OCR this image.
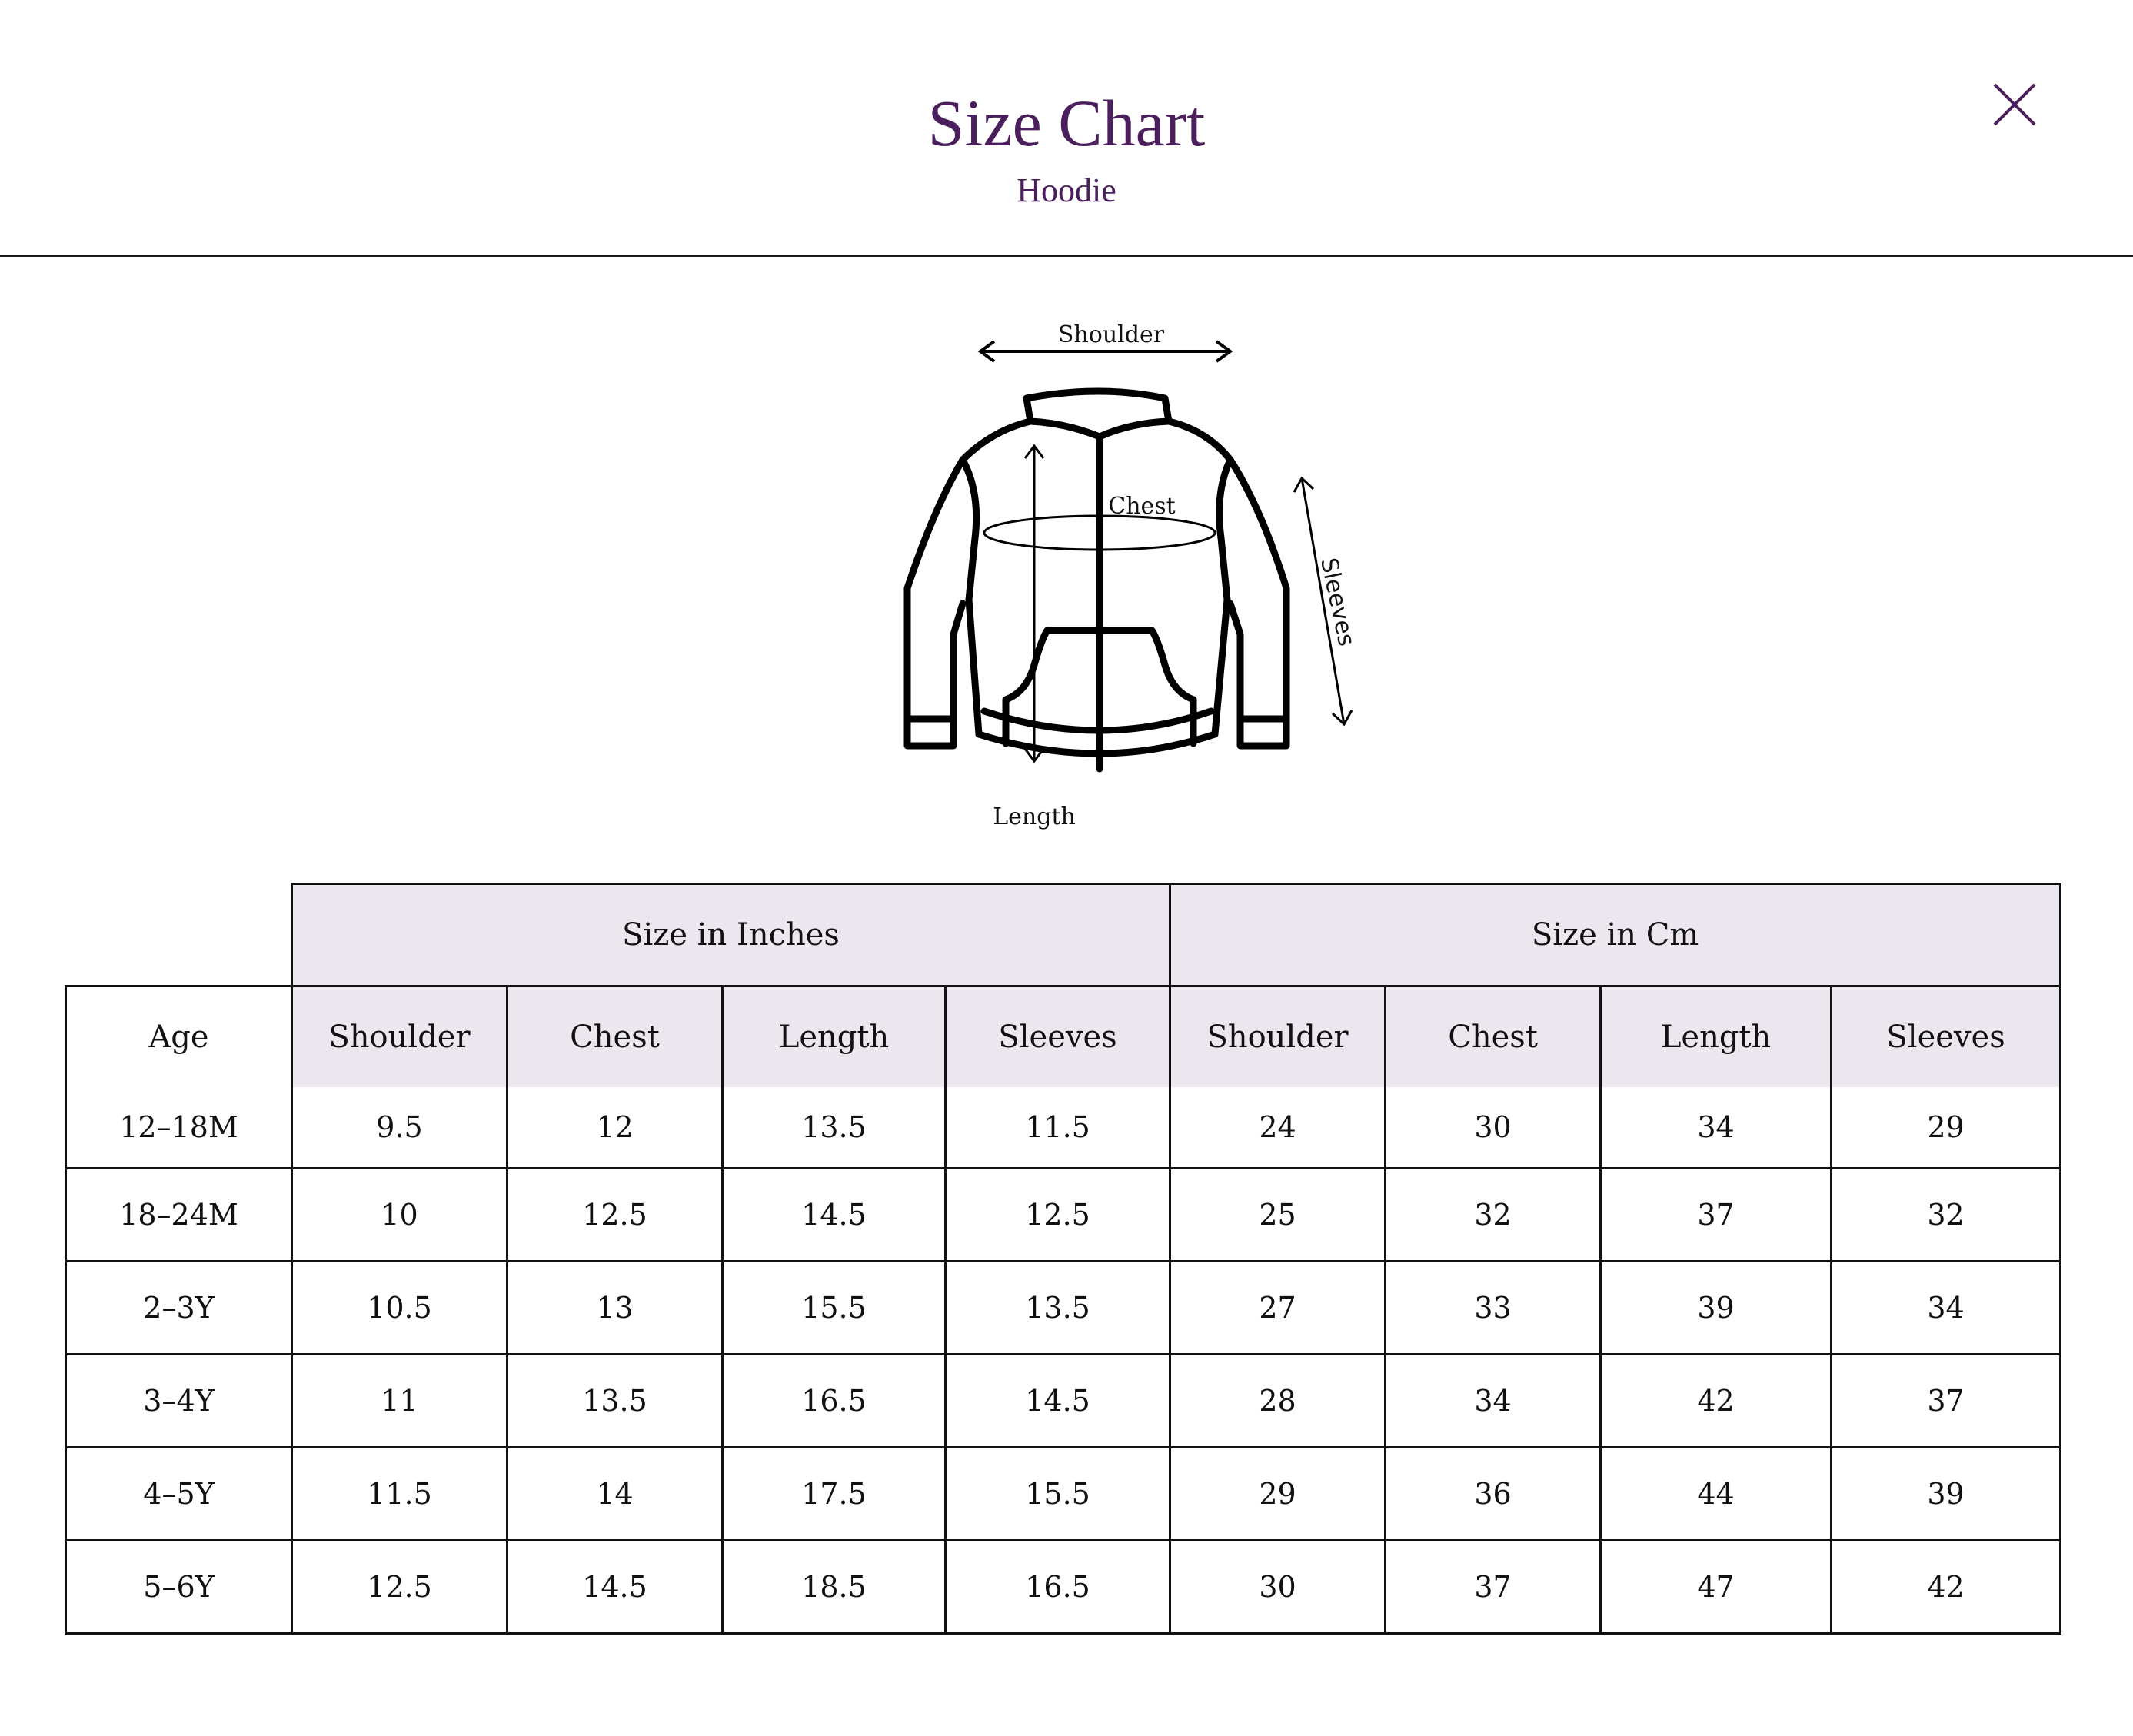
Size Chart
Hoodie
Shoulder
Chest
Length
Sleeves
	Size in Inches				Size in Cm			
Age	Shoulder	Chest	Length	Sleeves	Shoulder	Chest	Length	Sleeves
12–18M	9.5	12	13.5	11.5	24	30	34	29
18–24M	10	12.5	14.5	12.5	25	32	37	32
2–3Y	10.5	13	15.5	13.5	27	33	39	34
3–4Y	11	13.5	16.5	14.5	28	34	42	37
4–5Y	11.5	14	17.5	15.5	29	36	44	39
5–6Y	12.5	14.5	18.5	16.5	30	37	47	42
